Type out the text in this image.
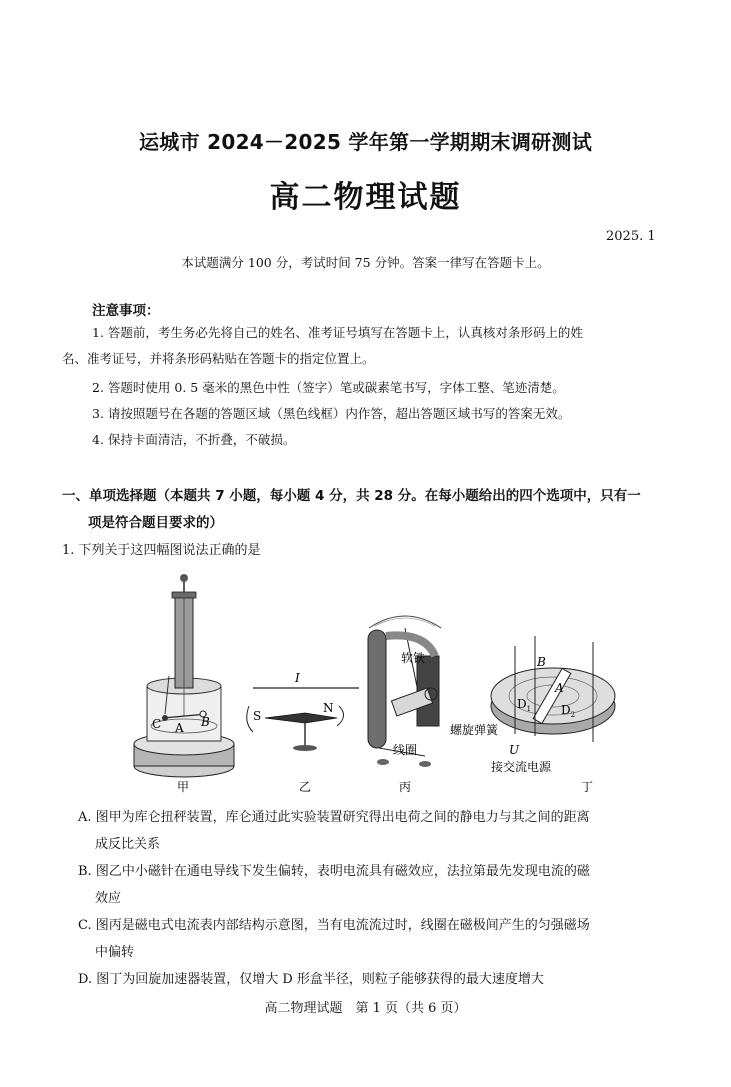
运城市 2024－2025 学年第一学期期末调研测试
高二物理试题
2025. 1
本试题满分 100 分，考试时间 75 分钟。答案一律写在答题卡上。
注意事项：
1. 答题前，考生务必先将自己的姓名、准考证号填写在答题卡上，认真核对条形码上的姓
名、准考证号，并将条形码粘贴在答题卡的指定位置上。
2. 答题时使用 0. 5 毫米的黑色中性（签字）笔或碳素笔书写，字体工整、笔迹清楚。
3. 请按照题号在各题的答题区域（黑色线框）内作答，超出答题区域书写的答案无效。
4. 保持卡面清洁，不折叠，不破损。
一、单项选择题（本题共 7 小题，每小题 4 分，共 28 分。在每小题给出的四个选项中，只有一
项是符合题目要求的）
1. 下列关于这四幅图说法正确的是
C A B
甲
I
S
N
乙
软铁
螺旋弹簧
线圈
丙
B
A
$D_1$ $D_2$
U
接交流电源
丁
A. 图甲为库仑扭秤装置，库仑通过此实验装置研究得出电荷之间的静电力与其之间的距离
成反比关系
B. 图乙中小磁针在通电导线下发生偏转，表明电流具有磁效应，法拉第最先发现电流的磁
效应
C. 图丙是磁电式电流表内部结构示意图，当有电流流过时，线圈在磁极间产生的匀强磁场
中偏转
D. 图丁为回旋加速器装置，仅增大 D 形盒半径，则粒子能够获得的最大速度增大
高二物理试题　第 1 页（共 6 页）
